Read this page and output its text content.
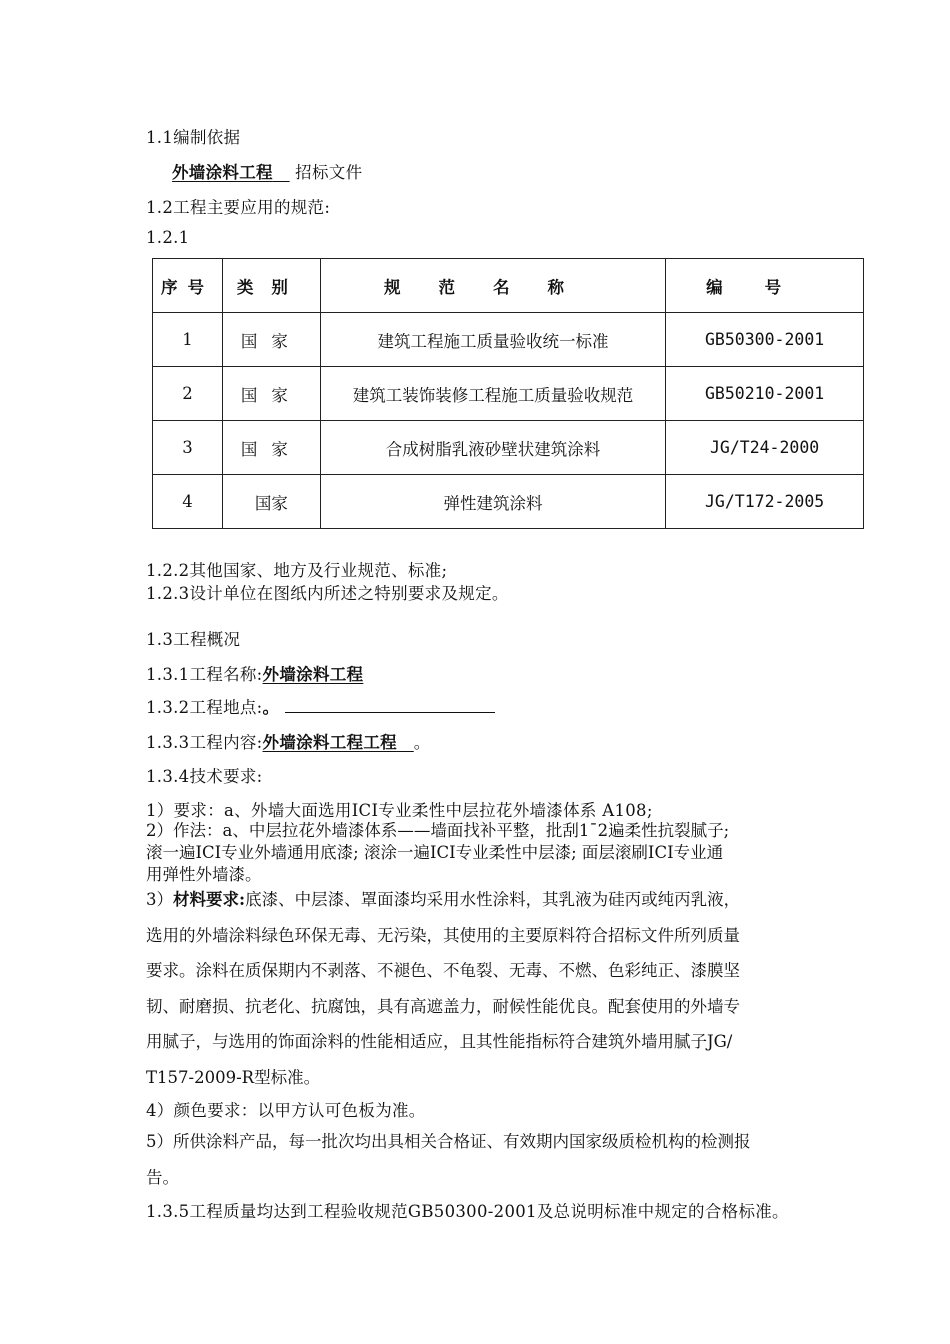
1.1编制依据
外墙涂料工程  招标文件
1.2工程主要应用的规范:
1.2.1
序号	类别	规范名称	编号
1	国家	建筑工程施工质量验收统一标准	GB50300-2001
2	国家	建筑工装饰装修工程施工质量验收规范	GB50210-2001
3	国家	合成树脂乳液砂壁状建筑涂料	JG/T24-2000
4	国家	弹性建筑涂料	JG/T172-2005
1.2.2其他国家、地方及行业规范、标准;
1.2.3设计单位在图纸内所述之特别要求及规定。
1.3工程概况
1.3.1工程名称:外墙涂料工程
1.3.2工程地点:。
1.3.3工程内容:外墙涂料工程工程  。
1.3.4技术要求:
1）要求：a、外墙大面选用ICI专业柔性中层拉花外墙漆体系 A108;
2）作法：a、中层拉花外墙漆体系——墙面找补平整，批刮1¯2遍柔性抗裂腻子;
滚一遍ICI专业外墙通用底漆; 滚涂一遍ICI专业柔性中层漆; 面层滚刷ICI专业通
用弹性外墙漆。
3）材料要求:底漆、中层漆、罩面漆均采用水性涂料，其乳液为硅丙或纯丙乳液，
选用的外墙涂料绿色环保无毒、无污染，其使用的主要原料符合招标文件所列质量
要求。涂料在质保期内不剥落、不褪色、不龟裂、无毒、不燃、色彩纯正、漆膜坚
韧、耐磨损、抗老化、抗腐蚀，具有高遮盖力，耐候性能优良。配套使用的外墙专
用腻子，与选用的饰面涂料的性能相适应，且其性能指标符合建筑外墙用腻子JG/
T157-2009-R型标准。
4）颜色要求：以甲方认可色板为准。
5）所供涂料产品，每一批次均出具相关合格证、有效期内国家级质检机构的检测报
告。
1.3.5工程质量均达到工程验收规范GB50300-2001及总说明标准中规定的合格标准。
